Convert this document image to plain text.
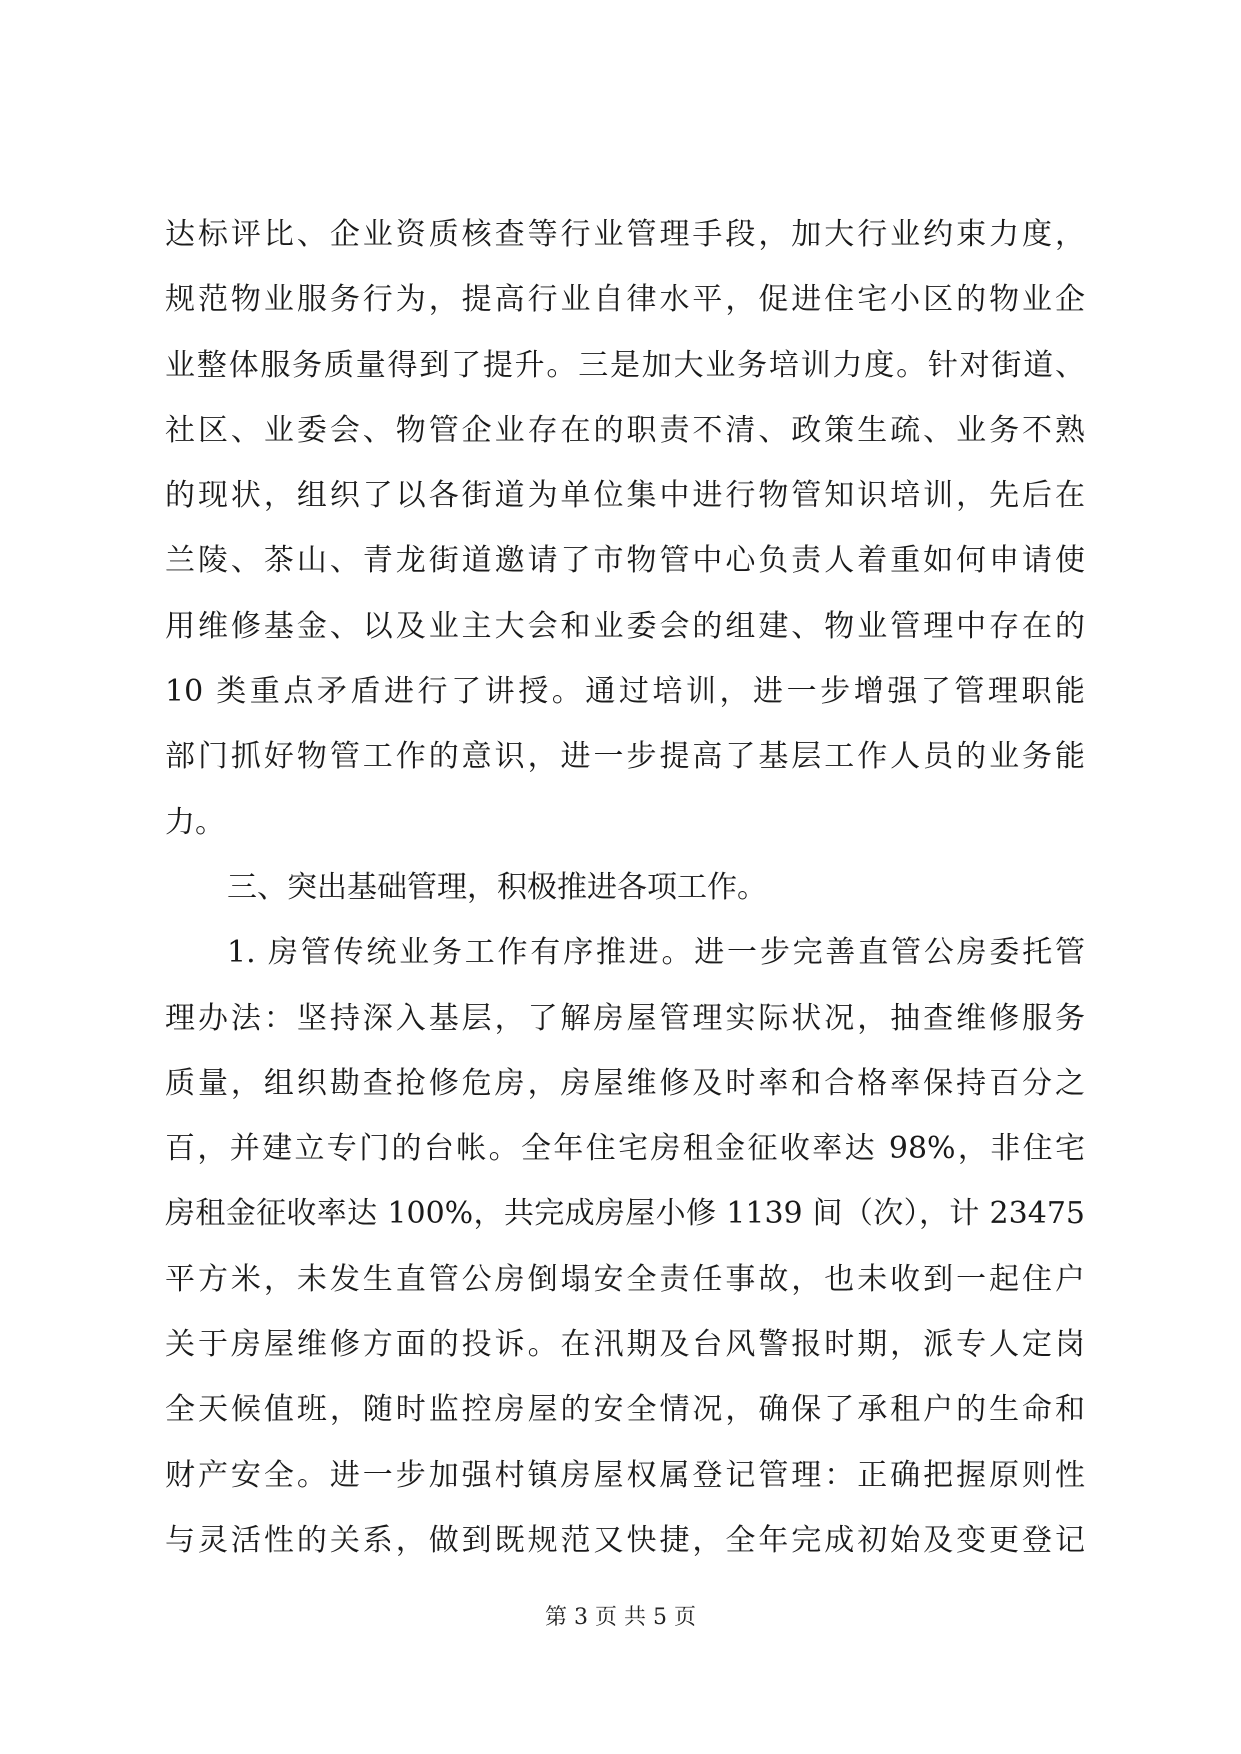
达标评比、企业资质核查等行业管理手段，加大行业约束力度，
规范物业服务行为，提高行业自律水平，促进住宅小区的物业企
业整体服务质量得到了提升。三是加大业务培训力度。针对街道、
社区、业委会、物管企业存在的职责不清、政策生疏、业务不熟
的现状，组织了以各街道为单位集中进行物管知识培训，先后在
兰陵、茶山、青龙街道邀请了市物管中心负责人着重如何申请使
用维修基金、以及业主大会和业委会的组建、物业管理中存在的
10 类重点矛盾进行了讲授。通过培训，进一步增强了管理职能
部门抓好物管工作的意识，进一步提高了基层工作人员的业务能
力。
三、突出基础管理，积极推进各项工作。
1. 房管传统业务工作有序推进。进一步完善直管公房委托管
理办法：坚持深入基层，了解房屋管理实际状况，抽查维修服务
质量，组织勘查抢修危房，房屋维修及时率和合格率保持百分之
百，并建立专门的台帐。全年住宅房租金征收率达 98%，非住宅
房租金征收率达 100%，共完成房屋小修 1139 间（次），计 23475
平方米，未发生直管公房倒塌安全责任事故，也未收到一起住户
关于房屋维修方面的投诉。在汛期及台风警报时期，派专人定岗
全天候值班，随时监控房屋的安全情况，确保了承租户的生命和
财产安全。进一步加强村镇房屋权属登记管理：正确把握原则性
与灵活性的关系，做到既规范又快捷，全年完成初始及变更登记
第 3 页 共 5 页
